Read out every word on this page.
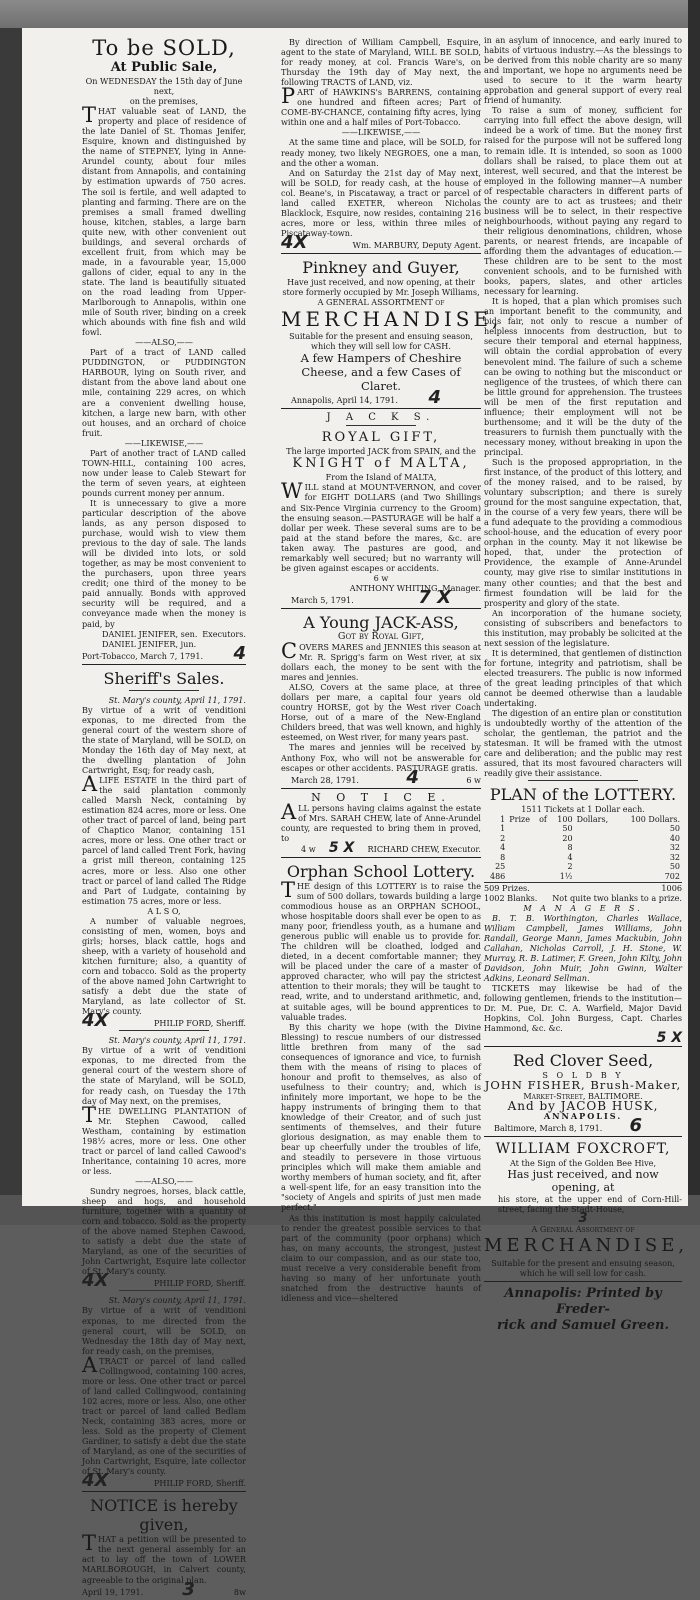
To be SOLD,
At Public Sale,
On WEDNESDAY the 15th day of June next,
on the premises,

THAT valuable seat of LAND, the property and place of residence of the late Daniel of St. Thomas Jenifer, Esquire, known and distinguished by the name of STEPNEY, lying in Anne-Arundel county, about four miles distant from Annapolis, and containing by estimation upwards of 750 acres. The soil is fertile, and well adapted to planting and farming. There are on the premises a small framed dwelling house, kitchen, stables, a large barn quite new, with other convenient out buildings, and several orchards of excellent fruit, from which may be made, in a favourable year, 15,000 gallons of cider, equal to any in the state. The land is beautifully situated on the road leading from Upper-Marlborough to Annapolis, within one mile of South river, binding on a creek which abounds with fine fish and wild fowl.

——ALSO,——

Part of a tract of LAND called PUDDINGTON, or PUDDINGTON HARBOUR, lying on South river, and distant from the above land about one mile, containing 229 acres, on which are a convenient dwelling house, kitchen, a large new barn, with other out houses, and an orchard of choice fruit.

——LIKEWISE,——

Part of another tract of LAND called TOWN-HILL, containing 100 acres, now under lease to Caleb Stewart for the term of seven years, at eighteen pounds current money per annum.

It is unnecessary to give a more particular description of the above lands, as any person disposed to purchase, would wish to view them previous to the day of sale. The lands will be divided into lots, or sold together, as may be most convenient to the purchasers, upon three years credit; one third of the money to be paid annually. Bonds with approved security will be required, and a conveyance made when the money is paid, by

DANIEL JENIFER, sen.
DANIEL JENIFER, jun.
Executors.
Port-Tobacco, March 7, 1791. 4
Sheriff's Sales.
St. Mary's county, April 11, 1791.

By virtue of a writ of venditioni exponas, to me directed from the general court of the western shore of the state of Maryland, will be SOLD, on Monday the 16th day of May next, at the dwelling plantation of John Cartwright, Esq; for ready cash,

ALIFE ESTATE in the third part of the said plantation commonly called Marsh Neck, containing by estimation 824 acres, more or less. One other tract of parcel of land, being part of Chaptico Manor, containing 151 acres, more or less. One other tract or parcel of land called Trent Fork, having a grist mill thereon, containing 125 acres, more or less. Also one other tract or parcel of land called The Ridge and Part of Ludgate, containing by estimation 75 acres, more or less.

A L S O,

A number of valuable negroes, consisting of men, women, boys and girls; horses, black cattle, hogs and sheep, with a variety of household and kitchen furniture; also, a quantity of corn and tobacco. Sold as the property of the above named John Cartwright to satisfy a debt due the state of Maryland, as late collector of St. Mary's county.

4X	PHILIP FORD, Sheriff.
St. Mary's county, April 11, 1791.

By virtue of a writ of venditioni exponas, to me directed from the general court of the western shore of the state of Maryland, will be SOLD, for ready cash, on Tuesday the 17th day of May next, on the premises,

THE DWELLING PLANTATION of Mr. Stephen Cawood, called Westham, containing by estimation 198½ acres, more or less. One other tract or parcel of land called Cawood's Inheritance, containing 10 acres, more or less.

——ALSO,——

Sundry negroes, horses, black cattle, sheep and hogs, and household furniture, together with a quantity of corn and tobacco. Sold as the property of the above named Stephen Cawood, to satisfy a debt due the state of Maryland, as one of the securities of John Cartwright, Esquire late collector of St. Mary's county.

4X	PHILIP FORD, Sheriff.
St. Mary's county, April 11, 1791.

By virtue of a writ of venditioni exponas, to me directed from the general court, will be SOLD, on Wednesday the 18th day of May next, for ready cash, on the premises,

ATRACT or parcel of land called Collingwood, containing 100 acres, more or less. One other tract or parcel of land called Collingwood, containing 102 acres, more or less. Also, one other tract or parcel of land called Bedlam Neck, containing 383 acres, more or less. Sold as the property of Clement Gardiner, to satisfy a debt due the state of Maryland, as one of the securities of John Cartwright, Esquire, late collector of St. Mary's county.

4X	PHILIP FORD, Sheriff.
NOTICE is hereby given,

THAT a petition will be presented to the next general assembly for an act to lay off the town of LOWER MARLBOROUGH, in Calvert county, agreeable to the original plan.

April 19, 1791. 3	8w

By direction of William Campbell, Esquire, agent to the state of Maryland, WILL BE SOLD, for ready money, at col. Francis Ware's, on Thursday the 19th day of May next, the following TRACTS of LAND, viz.

PART of HAWKINS's BARRENS, containing one hundred and fifteen acres; Part of COME-BY-CHANCE, containing fifty acres, lying within one and a half miles of Port-Tobacco.

——LIKEWISE,——

At the same time and place, will be SOLD, for ready money, two likely NEGROES, one a man, and the other a woman.

And on Saturday the 21st day of May next, will be SOLD, for ready cash, at the house of col. Beane's, in Piscataway, a tract or parcel of land called EXETER, whereon Nicholas Blacklock, Esquire, now resides, containing 216 acres, more or less, within three miles of Piscataway-town.

4X	Wm. MARBURY, Deputy Agent.
Pinkney and Guyer,
Have just received, and now opening, at their store formerly occupied by Mr. Joseph Williams,
A GENERAL ASSORTMENT of
MERCHANDISE,
Suitable for the present and ensuing season, which they will sell low for CASH.
A few Hampers of Cheshire Cheese, and a few Cases of Claret.
Annapolis, April 14, 1791. 4
J A C K S.
ROYAL GIFT,
The large imported JACK from SPAIN, and the
KNIGHT of MALTA,
From the Island of MALTA,

WILL stand at MOUNT-VERNON, and cover for EIGHT DOLLARS (and Two Shillings and Six-Pence Virginia currency to the Groom) the ensuing season.—PASTURAGE will be half a dollar per week. These several sums are to be paid at the stand before the mares, &c. are taken away. The pastures are good, and remarkably well secured; but no warranty will be given against escapes or accidents.

6 w
ANTHONY WHITING, Manager.
March 5, 1791.	7 X
A Young JACK-ASS,
Got by Royal Gift,

COVERS MARES and JENNIES this season at Mr. R. Sprigg's farm on West river, at six dollars each, the money to be sent with the mares and jennies.

ALSO, Covers at the same place, at three dollars per mare, a capital four years old country HORSE, got by the West river Coach Horse, out of a mare of the New-England Childers breed, that was well known, and highly esteemed, on West river, for many years past.

The mares and jennies will be received by Anthony Fox, who will not be answerable for escapes or other accidents. PASTURAGE gratis.

March 28, 1791.	4	6 w
N O T I C E.

ALL persons having claims against the estate of Mrs. SARAH CHEW, late of Anne-Arundel county, are requested to bring them in proved, to

4 w 5 X RICHARD CHEW, Executor.
Orphan School Lottery.

THE design of this LOTTERY is to raise the sum of 500 dollars, towards building a large commodious house as an ORPHAN SCHOOL, whose hospitable doors shall ever be open to as many poor, friendless youth, as a humane and generous public will enable us to provide for. The children will be cloathed, lodged and dieted, in a decent comfortable manner; they will be placed under the care of a master of approved character, who will pay the strictest attention to their morals; they will be taught to read, write, and to understand arithmetic, and, at suitable ages, will be bound apprentices to valuable trades.

By this charity we hope (with the Divine Blessing) to rescue numbers of our distressed little brethren from many of the sad consequences of ignorance and vice, to furnish them with the means of rising to places of honour and profit to themselves, as also of usefulness to their country; and, which is infinitely more important, we hope to be the happy instruments of bringing them to that knowledge of their Creator, and of such just sentiments of themselves, and their future glorious designation, as may enable them to bear up cheerfully under the troubles of life, and steadily to persevere in those virtuous principles which will make them amiable and worthy members of human society, and fit, after a well-spent life, for an easy transition into the "society of Angels and spirits of just men made perfect."

As this institution is most happily calculated to render the greatest possible services to that part of the community (poor orphans) which has, on many accounts, the strongest, justest claim to our compassion, and as our state too, must receive a very considerable benefit from having so many of her unfortunate youth snatched from the destructive haunts of idleness and vice—sheltered

in an asylum of innocence, and early inured to habits of virtuous industry.—As the blessings to be derived from this noble charity are so many and important, we hope no arguments need be used to secure to it the warm hearty approbation and general support of every real friend of humanity.

To raise a sum of money, sufficient for carrying into full effect the above design, will indeed be a work of time. But the money first raised for the purpose will not be suffered long to remain idle. It is intended, so soon as 1000 dollars shall be raised, to place them out at interest, well secured, and that the interest be employed in the following manner—A number of respectable characters in different parts of the county are to act as trustees; and their business will be to select, in their respective neighbourhoods, without paying any regard to their religious denominations, children, whose parents, or nearest friends, are incapable of affording them the advantages of education.—These children are to be sent to the most convenient schools, and to be furnished with books, papers, slates, and other articles necessary for learning.

It is hoped, that a plan which promises such an important benefit to the community, and bids fair, not only to rescue a number of helpless innocents from destruction, but to secure their temporal and eternal happiness, will obtain the cordial approbation of every benevolent mind. The failure of such a scheme can be owing to nothing but the misconduct or negligence of the trustees, of which there can be little ground for apprehension. The trustees will be men of the first reputation and influence; their employment will not be burthensome; and it will be the duty of the treasurers to furnish them punctually with the necessary money, without breaking in upon the principal.

Such is the proposed appropriation, in the first instance, of the product of this lottery, and of the money raised, and to be raised, by voluntary subscription; and there is surely ground for the most sanguine expectation, that, in the course of a very few years, there will be a fund adequate to the providing a commodious school-house, and the education of every poor orphan in the county. May it not likewise be hoped, that, under the protection of Providence, the example of Anne-Arundel county, may give rise to similar institutions in many other counties; and that the best and firmest foundation will be laid for the prosperity and glory of the state.

An incorporation of the humane society, consisting of subscribers and benefactors to this institution, may probably be solicited at the next session of the legislature.

It is determined, that gentlemen of distinction for fortune, integrity and patriotism, shall be elected treasurers. The public is now informed of the great leading principles of that which cannot be deemed otherwise than a laudable undertaking.

The digestion of an entire plan or constitution is undoubtedly worthy of the attention of the scholar, the gentleman, the patriot and the statesman. It will be framed with the utmost care and deliberation; and the public may rest assured, that its most favoured characters will readily give their assistance.

PLAN of the LOTTERY.
1511 Tickets at 1 Dollar each.
1	Prize	of	100	Dollars,	100 Dollars.
1			50		50
2			20		40
4			8		32
8			4		32
25			2		50
486			1½		702
509 Prizes.	1006
1002 Blanks. Not quite two blanks to a prize.
M A N A G E R S.

B. T. B. Worthington, Charles Wallace, William Campbell, James Williams, John Randall, George Mann, James Mackubin, John Callahan, Nicholas Carroll, J. H. Stone, W. Murray, R. B. Latimer, F. Green, John Kilty, John Davidson, John Muir, John Gwinn, Walter Adkins, Leonard Sellman.

TICKETS may likewise be had of the following gentlemen, friends to the institution—Dr. M. Pue, Dr. C. A. Warfield, Major David Hopkins, Col. John Burgess, Capt. Charles Hammond, &c. &c.

5 X
Red Clover Seed,
S O L D B Y
JOHN FISHER, Brush-Maker,
Market-Street, BALTIMORE.
And by JACOB HUSK,
ANNAPOLIS.
Baltimore, March 8, 1791. 6
WILLIAM FOXCROFT,
At the Sign of the Golden Bee Hive,
Has just received, and now opening, at
his store, at the upper end of Corn-Hill-street, facing the Stadt-House,
3
A General Assortment of
MERCHANDISE,
Suitable for the present and ensuing season, which he will sell low for cash.
Annapolis: Printed by Freder-
rick and Samuel Green.
